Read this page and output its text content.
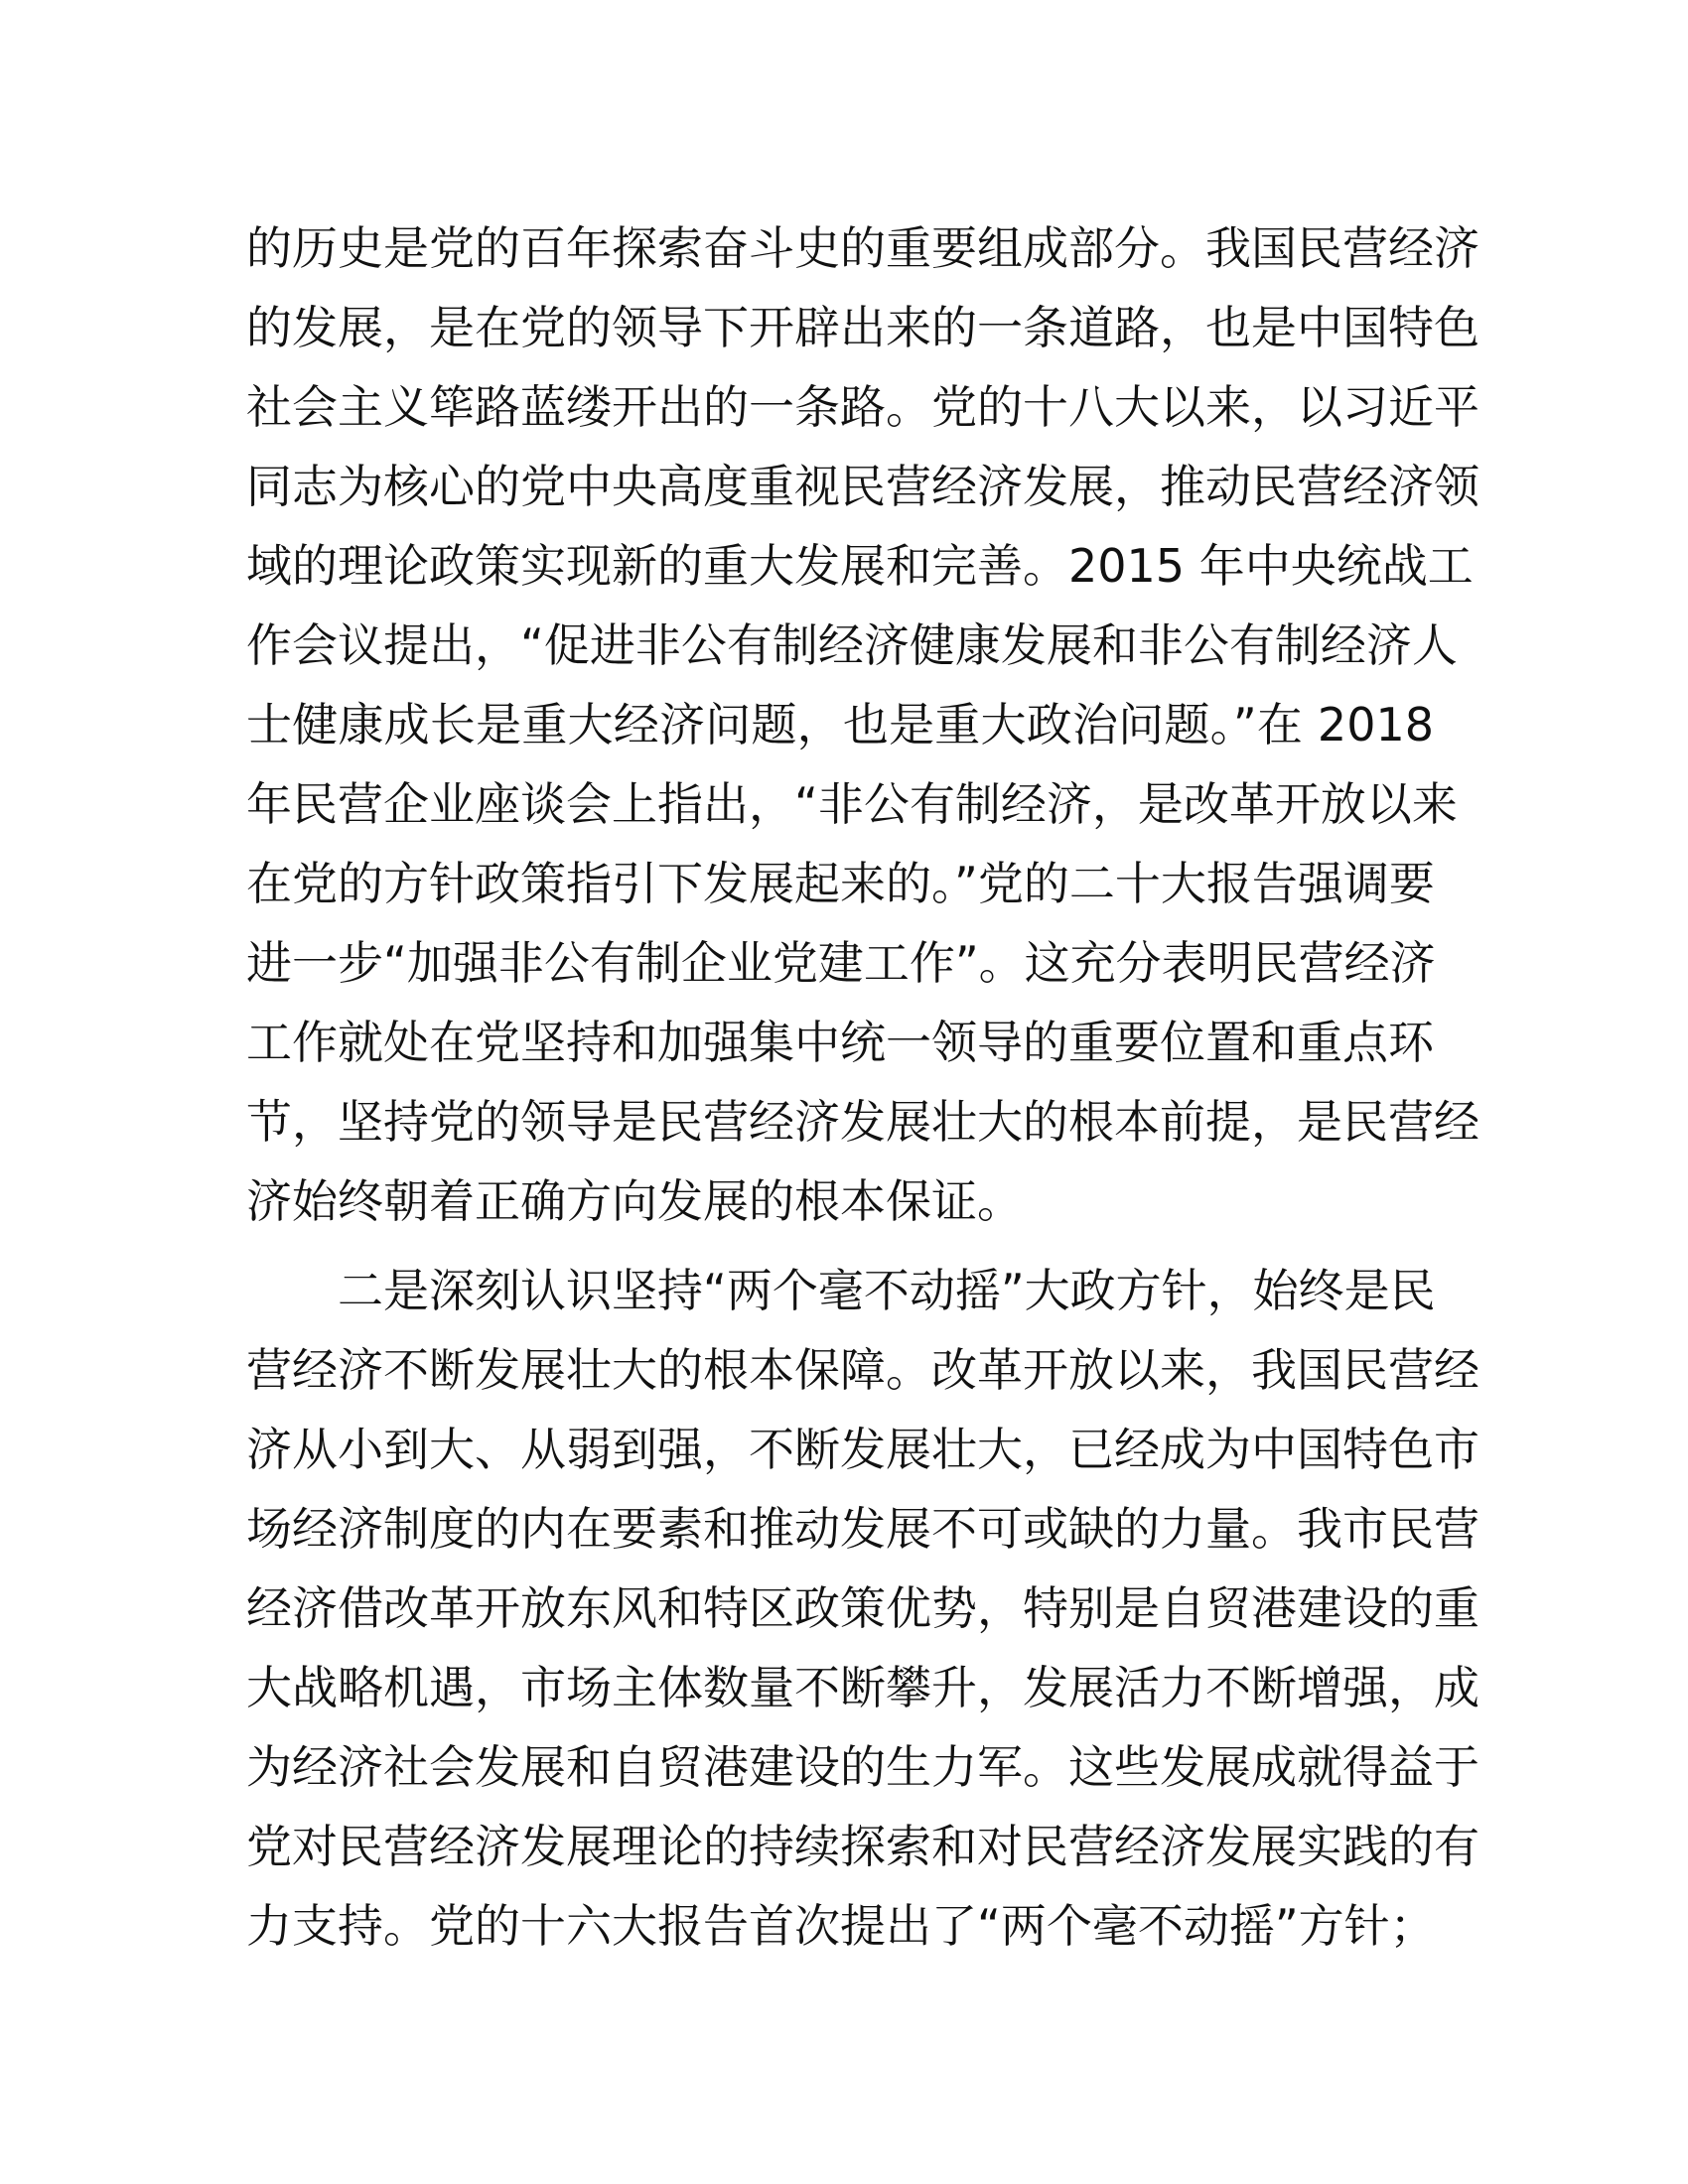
的历史是党的百年探索奋斗史的重要组成部分。我国民营经济
的发展，是在党的领导下开辟出来的一条道路，也是中国特色
社会主义筚路蓝缕开出的一条路。党的十八大以来，以习近平
同志为核心的党中央高度重视民营经济发展，推动民营经济领
域的理论政策实现新的重大发展和完善。2015 年中央统战工
作会议提出，“促进非公有制经济健康发展和非公有制经济人
士健康成长是重大经济问题，也是重大政治问题。”在 2018
年民营企业座谈会上指出，“非公有制经济，是改革开放以来
在党的方针政策指引下发展起来的。”党的二十大报告强调要
进一步“加强非公有制企业党建工作”。这充分表明民营经济
工作就处在党坚持和加强集中统一领导的重要位置和重点环
节，坚持党的领导是民营经济发展壮大的根本前提，是民营经
济始终朝着正确方向发展的根本保证。
二是深刻认识坚持“两个毫不动摇”大政方针，始终是民
营经济不断发展壮大的根本保障。改革开放以来，我国民营经
济从小到大、从弱到强，不断发展壮大，已经成为中国特色市
场经济制度的内在要素和推动发展不可或缺的力量。我市民营
经济借改革开放东风和特区政策优势，特别是自贸港建设的重
大战略机遇，市场主体数量不断攀升，发展活力不断增强，成
为经济社会发展和自贸港建设的生力军。这些发展成就得益于
党对民营经济发展理论的持续探索和对民营经济发展实践的有
力支持。党的十六大报告首次提出了“两个毫不动摇”方针；
